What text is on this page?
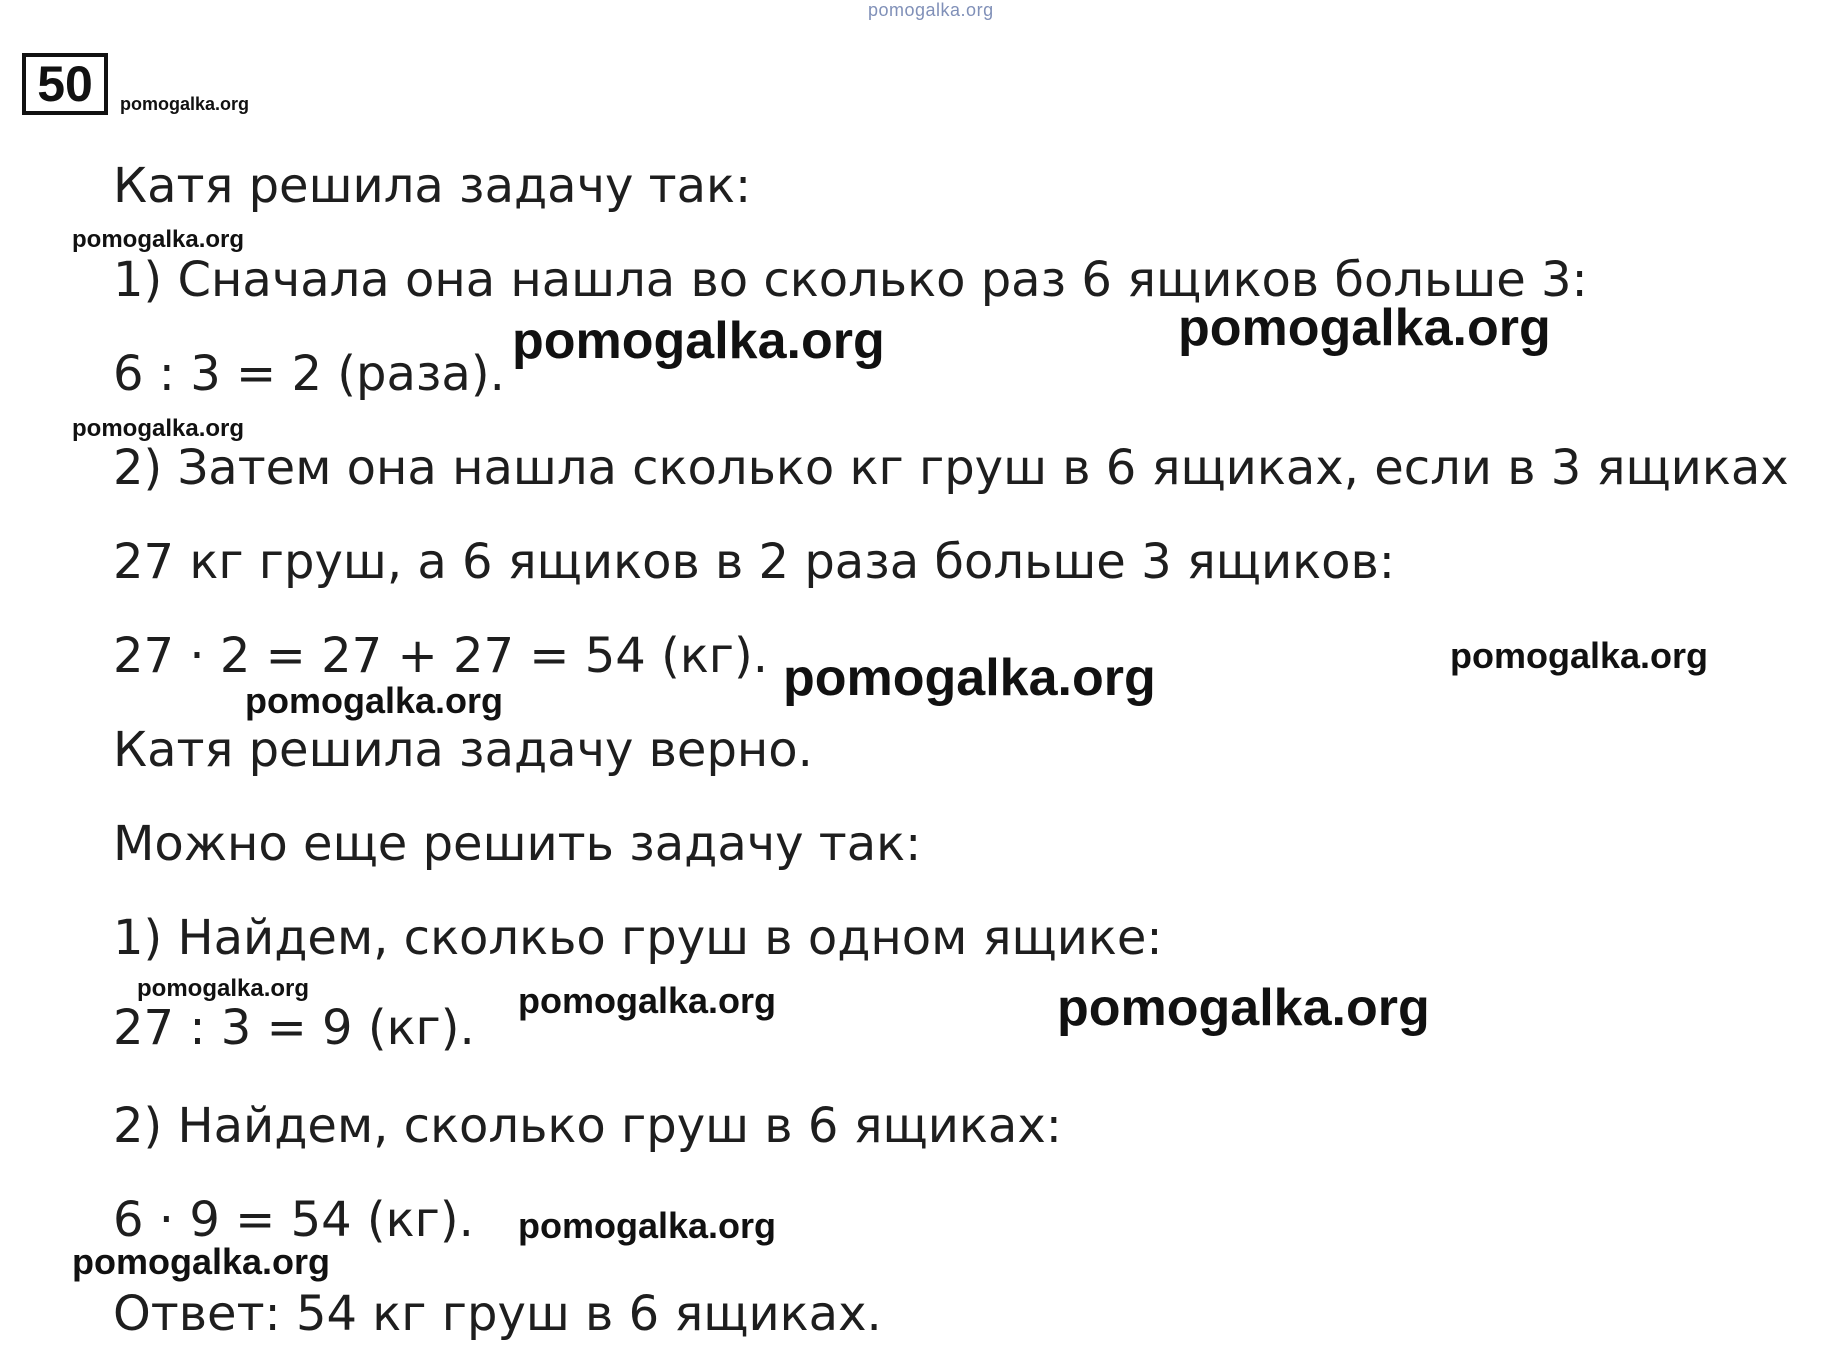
pomogalka.org
50
Катя решила задачу так:
1) Сначала она нашла во сколько раз 6 ящиков больше 3:
6 : 3 = 2 (раза).
2) Затем она нашла сколько кг груш в 6 ящиках, если в 3 ящиках
27 кг груш, а 6 ящиков в 2 раза больше 3 ящиков:
27 · 2 = 27 + 27 = 54 (кг).
Катя решила задачу верно.
Можно еще решить задачу так:
1) Найдем, сколкьо груш в одном ящике:
27 : 3 = 9 (кг).
2) Найдем, сколько груш в 6 ящиках:
6 · 9 = 54 (кг).
Ответ: 54 кг груш в 6 ящиках.
pomogalka.org
pomogalka.org
pomogalka.org	pomogalka.org
pomogalka.org
pomogalka.org
pomogalka.org
pomogalka.org
pomogalka.org	pomogalka.org	pomogalka.org
pomogalka.org
pomogalka.org
